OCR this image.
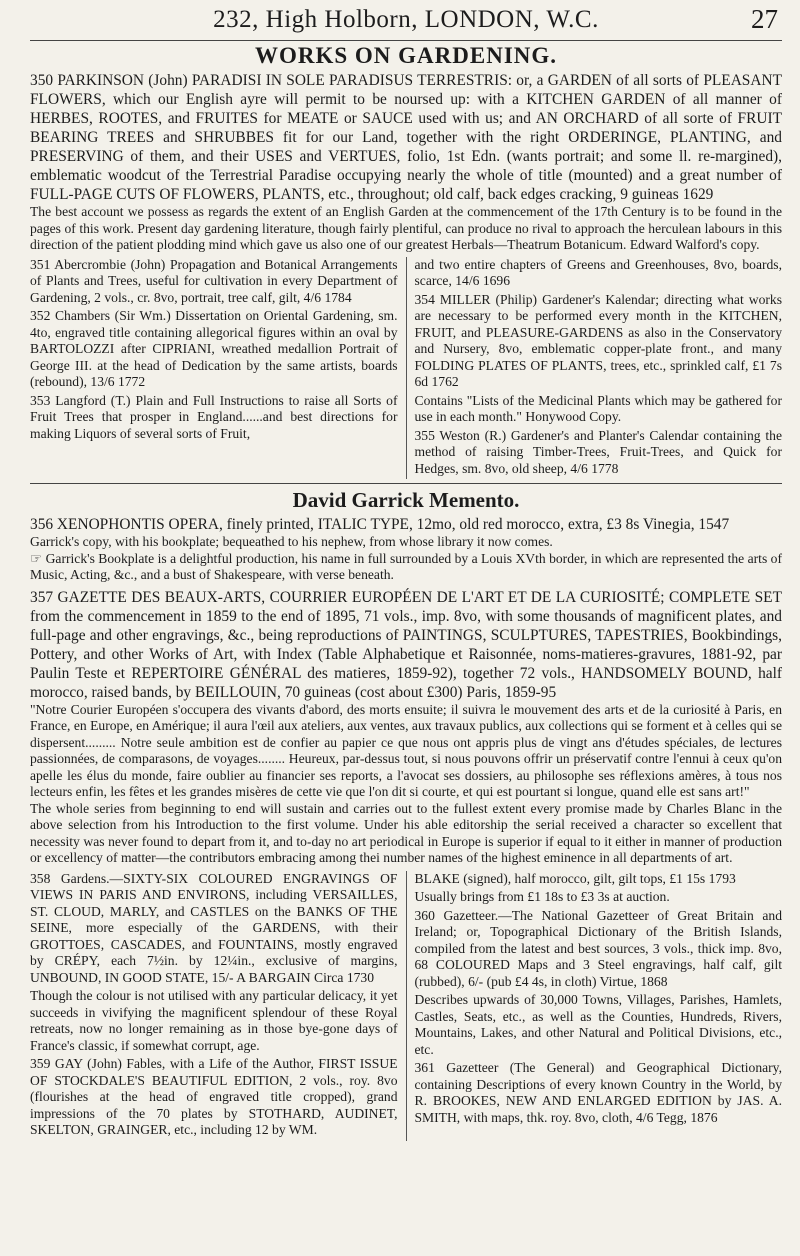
232, High Holborn, LONDON, W.C.	27
WORKS ON GARDENING.

350 PARKINSON (John) PARADISI IN SOLE PARADISUS TERRESTRIS: or, a GARDEN of all sorts of PLEASANT FLOWERS, which our English ayre will permit to be noursed up: with a KITCHEN GARDEN of all manner of HERBES, ROOTES, and FRUITES for MEATE or SAUCE used with us; and AN ORCHARD of all sorte of FRUIT BEARING TREES and SHRUBBES fit for our Land, together with the right ORDERINGE, PLANTING, and PRESERVING of them, and their USES and VERTUES, folio, 1st Edn. (wants portrait; and some ll. re-margined), emblematic woodcut of the Terrestrial Paradise occupying nearly the whole of title (mounted) and a great number of FULL-PAGE CUTS OF FLOWERS, PLANTS, etc., throughout; old calf, back edges cracking, 9 guineas 1629

The best account we possess as regards the extent of an English Garden at the commencement of the 17th Century is to be found in the pages of this work. Present day gardening literature, though fairly plentiful, can produce no rival to approach the herculean labours in this direction of the patient plodding mind which gave us also one of our greatest Herbals—Theatrum Botanicum. Edward Walford's copy.

351 Abercrombie (John) Propagation and Botanical Arrangements of Plants and Trees, useful for cultivation in every Department of Gardening, 2 vols., cr. 8vo, portrait, tree calf, gilt, 4/6 1784

352 Chambers (Sir Wm.) Dissertation on Oriental Gardening, sm. 4to, engraved title containing allegorical figures within an oval by BARTOLOZZI after CIPRIANI, wreathed medallion Portrait of George III. at the head of Dedication by the same artists, boards (rebound), 13/6 1772

353 Langford (T.) Plain and Full Instructions to raise all Sorts of Fruit Trees that prosper in England......and best directions for making Liquors of several sorts of Fruit,

and two entire chapters of Greens and Greenhouses, 8vo, boards, scarce, 14/6 1696

354 MILLER (Philip) Gardener's Kalendar; directing what works are necessary to be performed every month in the KITCHEN, FRUIT, and PLEASURE-GARDENS as also in the Conservatory and Nursery, 8vo, emblematic copper-plate front., and many FOLDING PLATES OF PLANTS, trees, etc., sprinkled calf, £1 7s 6d 1762

Contains "Lists of the Medicinal Plants which may be gathered for use in each month." Honywood Copy.

355 Weston (R.) Gardener's and Planter's Calendar containing the method of raising Timber-Trees, Fruit-Trees, and Quick for Hedges, sm. 8vo, old sheep, 4/6 1778

David Garrick Memento.

356 XENOPHONTIS OPERA, finely printed, ITALIC TYPE, 12mo, old red morocco, extra, £3 8s Vinegia, 1547

Garrick's copy, with his bookplate; bequeathed to his nephew, from whose library it now comes.

☞ Garrick's Bookplate is a delightful production, his name in full surrounded by a Louis XVth border, in which are represented the arts of Music, Acting, &c., and a bust of Shakespeare, with verse beneath.

357 GAZETTE DES BEAUX-ARTS, COURRIER EUROPÉEN DE L'ART ET DE LA CURIOSITÉ; COMPLETE SET from the commencement in 1859 to the end of 1895, 71 vols., imp. 8vo, with some thousands of magnificent plates, and full-page and other engravings, &c., being reproductions of PAINTINGS, SCULPTURES, TAPESTRIES, Bookbindings, Pottery, and other Works of Art, with Index (Table Alphabetique et Raisonnée, noms-matieres-gravures, 1881-92, par Paulin Teste et REPERTOIRE GÉNÉRAL des matieres, 1859-92), together 72 vols., HANDSOMELY BOUND, half morocco, raised bands, by BEILLOUIN, 70 guineas (cost about £300) Paris, 1859-95

"Notre Courier Européen s'occupera des vivants d'abord, des morts ensuite; il suivra le mouvement des arts et de la curiosité à Paris, en France, en Europe, en Amérique; il aura l'œil aux ateliers, aux ventes, aux travaux publics, aux collections qui se forment et à celles qui se dispersent......... Notre seule ambition est de confier au papier ce que nous ont appris plus de vingt ans d'études spéciales, de lectures passionnées, de comparasons, de voyages........ Heureux, par-dessus tout, si nous pouvons offrir un préservatif contre l'ennui à ceux qu'on apelle les élus du monde, faire oublier au financier ses reports, a l'avocat ses dossiers, au philosophe ses réflexions amères, à tous nos lecteurs enfin, les fêtes et les grandes misères de cette vie que l'on dit si courte, et qui est pourtant si longue, quand elle est sans art!"

The whole series from beginning to end will sustain and carries out to the fullest extent every promise made by Charles Blanc in the above selection from his Introduction to the first volume. Under his able editorship the serial received a character so excellent that necessity was never found to depart from it, and to-day no art periodical in Europe is superior if equal to it either in manner of production or excellency of matter—the contributors embracing among thei number names of the highest eminence in all departments of art.

358 Gardens.—SIXTY-SIX COLOURED ENGRAVINGS OF VIEWS IN PARIS AND ENVIRONS, including VERSAILLES, ST. CLOUD, MARLY, and CASTLES on the BANKS OF THE SEINE, more especially of the GARDENS, with their GROTTOES, CASCADES, and FOUNTAINS, mostly engraved by CRÉPY, each 7½in. by 12¼in., exclusive of margins, UNBOUND, IN GOOD STATE, 15/- A BARGAIN Circa 1730

Though the colour is not utilised with any particular delicacy, it yet succeeds in vivifying the magnificent splendour of these Royal retreats, now no longer remaining as in those bye-gone days of France's classic, if somewhat corrupt, age.

359 GAY (John) Fables, with a Life of the Author, FIRST ISSUE OF STOCKDALE'S BEAUTIFUL EDITION, 2 vols., roy. 8vo (flourishes at the head of engraved title cropped), grand impressions of the 70 plates by STOTHARD, AUDINET, SKELTON, GRAINGER, etc., including 12 by WM.

BLAKE (signed), half morocco, gilt, gilt tops, £1 15s 1793

Usually brings from £1 18s to £3 3s at auction.

360 Gazetteer.—The National Gazetteer of Great Britain and Ireland; or, Topographical Dictionary of the British Islands, compiled from the latest and best sources, 3 vols., thick imp. 8vo, 68 COLOURED Maps and 3 Steel engravings, half calf, gilt (rubbed), 6/- (pub £4 4s, in cloth) Virtue, 1868

Describes upwards of 30,000 Towns, Villages, Parishes, Hamlets, Castles, Seats, etc., as well as the Counties, Hundreds, Rivers, Mountains, Lakes, and other Natural and Political Divisions, etc., etc.

361 Gazetteer (The General) and Geographical Dictionary, containing Descriptions of every known Country in the World, by R. BROOKES, NEW AND ENLARGED EDITION by JAS. A. SMITH, with maps, thk. roy. 8vo, cloth, 4/6 Tegg, 1876
